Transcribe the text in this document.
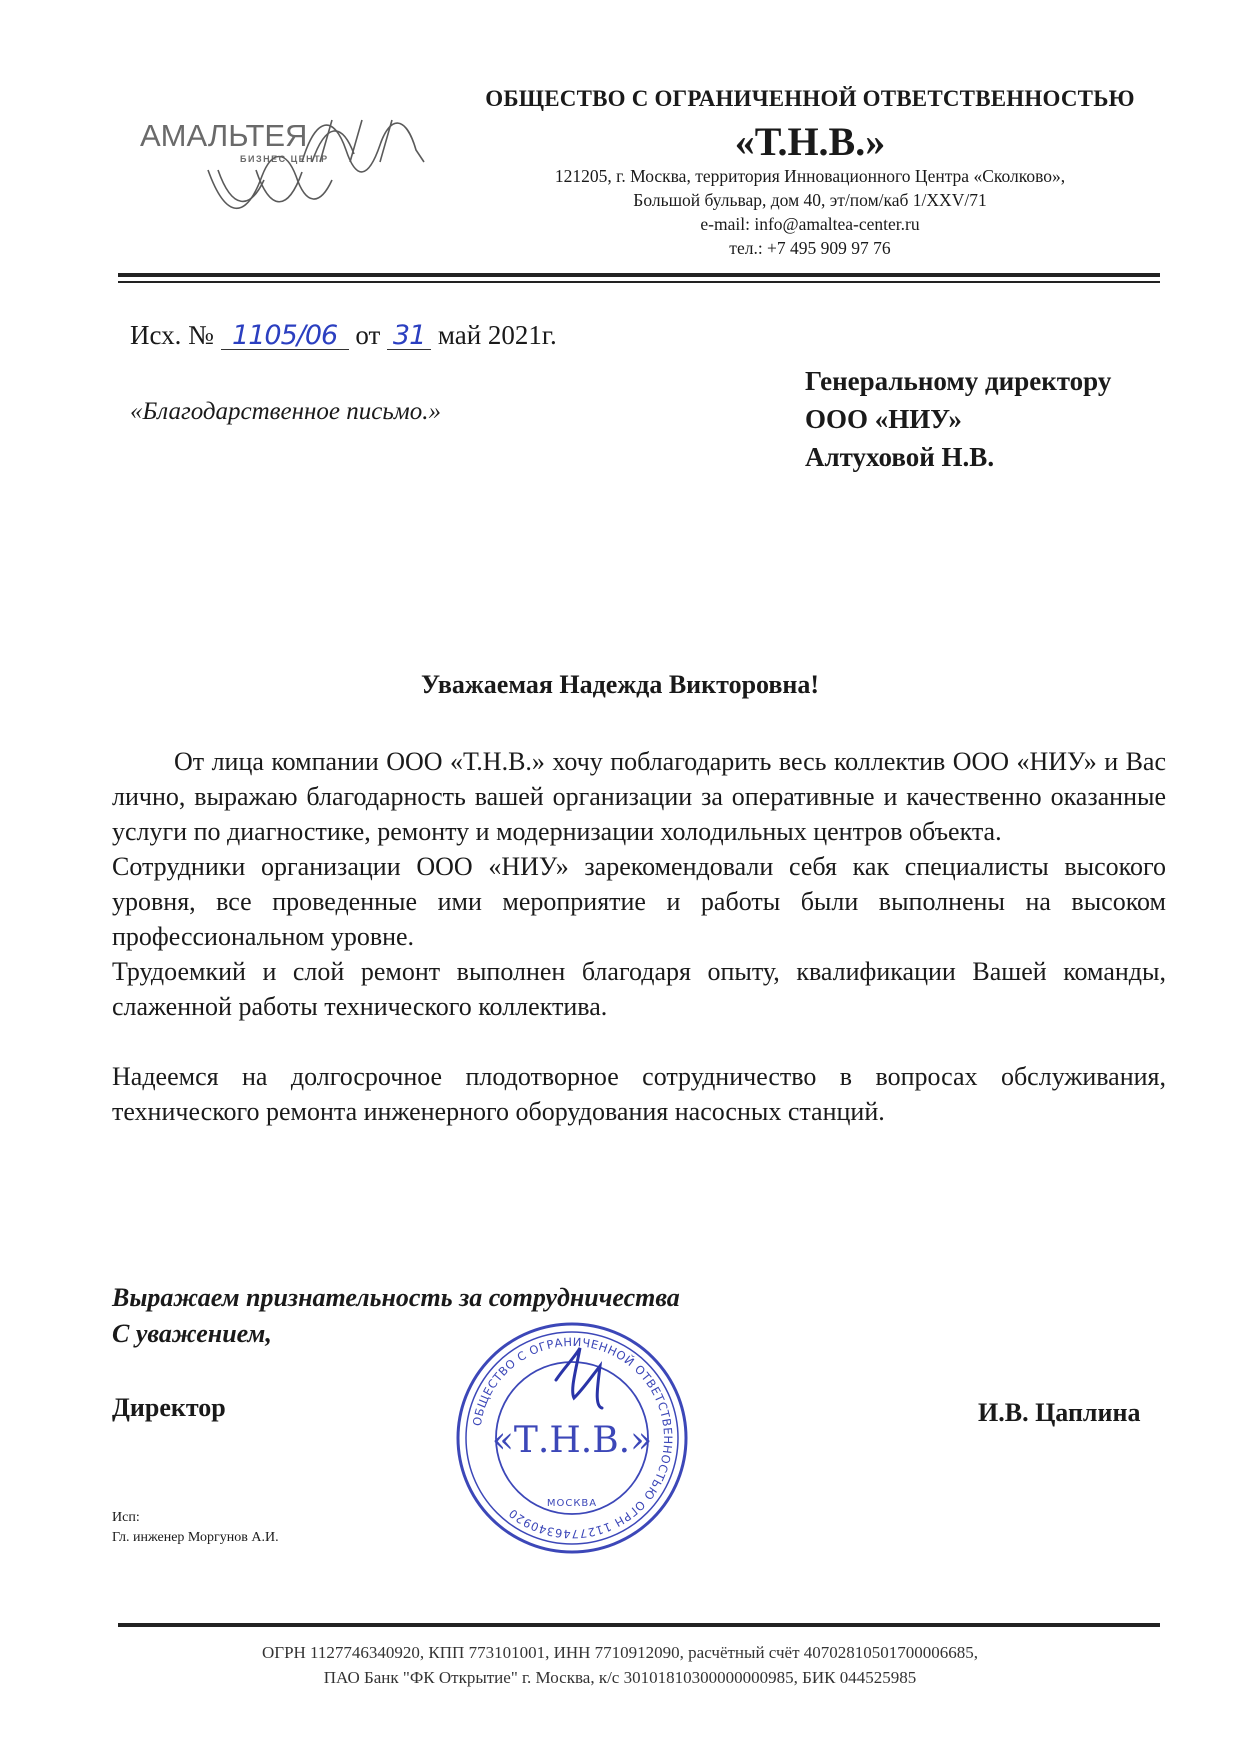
АМАЛЬТЕЯ
БИЗНЕС ЦЕНТР
ОБЩЕСТВО С ОГРАНИЧЕННОЙ ОТВЕТСТВЕННОСТЬЮ
«Т.Н.В.»
121205, г. Москва, территория Инновационного Центра «Сколково»,
Большой бульвар, дом 40, эт/пом/каб 1/XXV/71
e-mail: info@amaltea-center.ru
тел.: +7 495 909 97 76
Исх. № 1105/06 от 31 май 2021г.
«Благодарственное письмо.»
Генеральному директору
ООО «НИУ»
Алтуховой Н.В.
Уважаемая Надежда Викторовна!

От лица компании ООО «Т.Н.В.» хочу поблагодарить весь коллектив ООО «НИУ» и Вас лично, выражаю благодарность вашей организации за оперативные и качественно оказанные услуги по диагностике, ремонту и модернизации холодильных центров объекта.

Сотрудники организации ООО «НИУ» зарекомендовали себя как специалисты высокого уровня, все проведенные ими мероприятие и работы были выполнены на высоком профессиональном уровне.

Трудоемкий и слой ремонт выполнен благодаря опыту, квалификации Вашей команды, слаженной работы технического коллектива.

Надеемся на долгосрочное плодотворное сотрудничество в вопросах обслуживания, технического ремонта инженерного оборудования насосных станций.

Выражаем признательность за сотрудничества
С уважением,
Директор	И.В. Цаплина
ОБЩЕСТВО С ОГРАНИЧЕННОЙ ОТВЕТСТВЕННОСТЬЮ ОГРН 1127746340920
«Т.Н.В.»
МОСКВА
Исп:
Гл. инженер Моргунов А.И.
ОГРН 1127746340920, КПП 773101001, ИНН 7710912090, расчётный счёт 40702810501700006685,
ПАО Банк "ФК Открытие" г. Москва, к/с 30101810300000000985, БИК 044525985
